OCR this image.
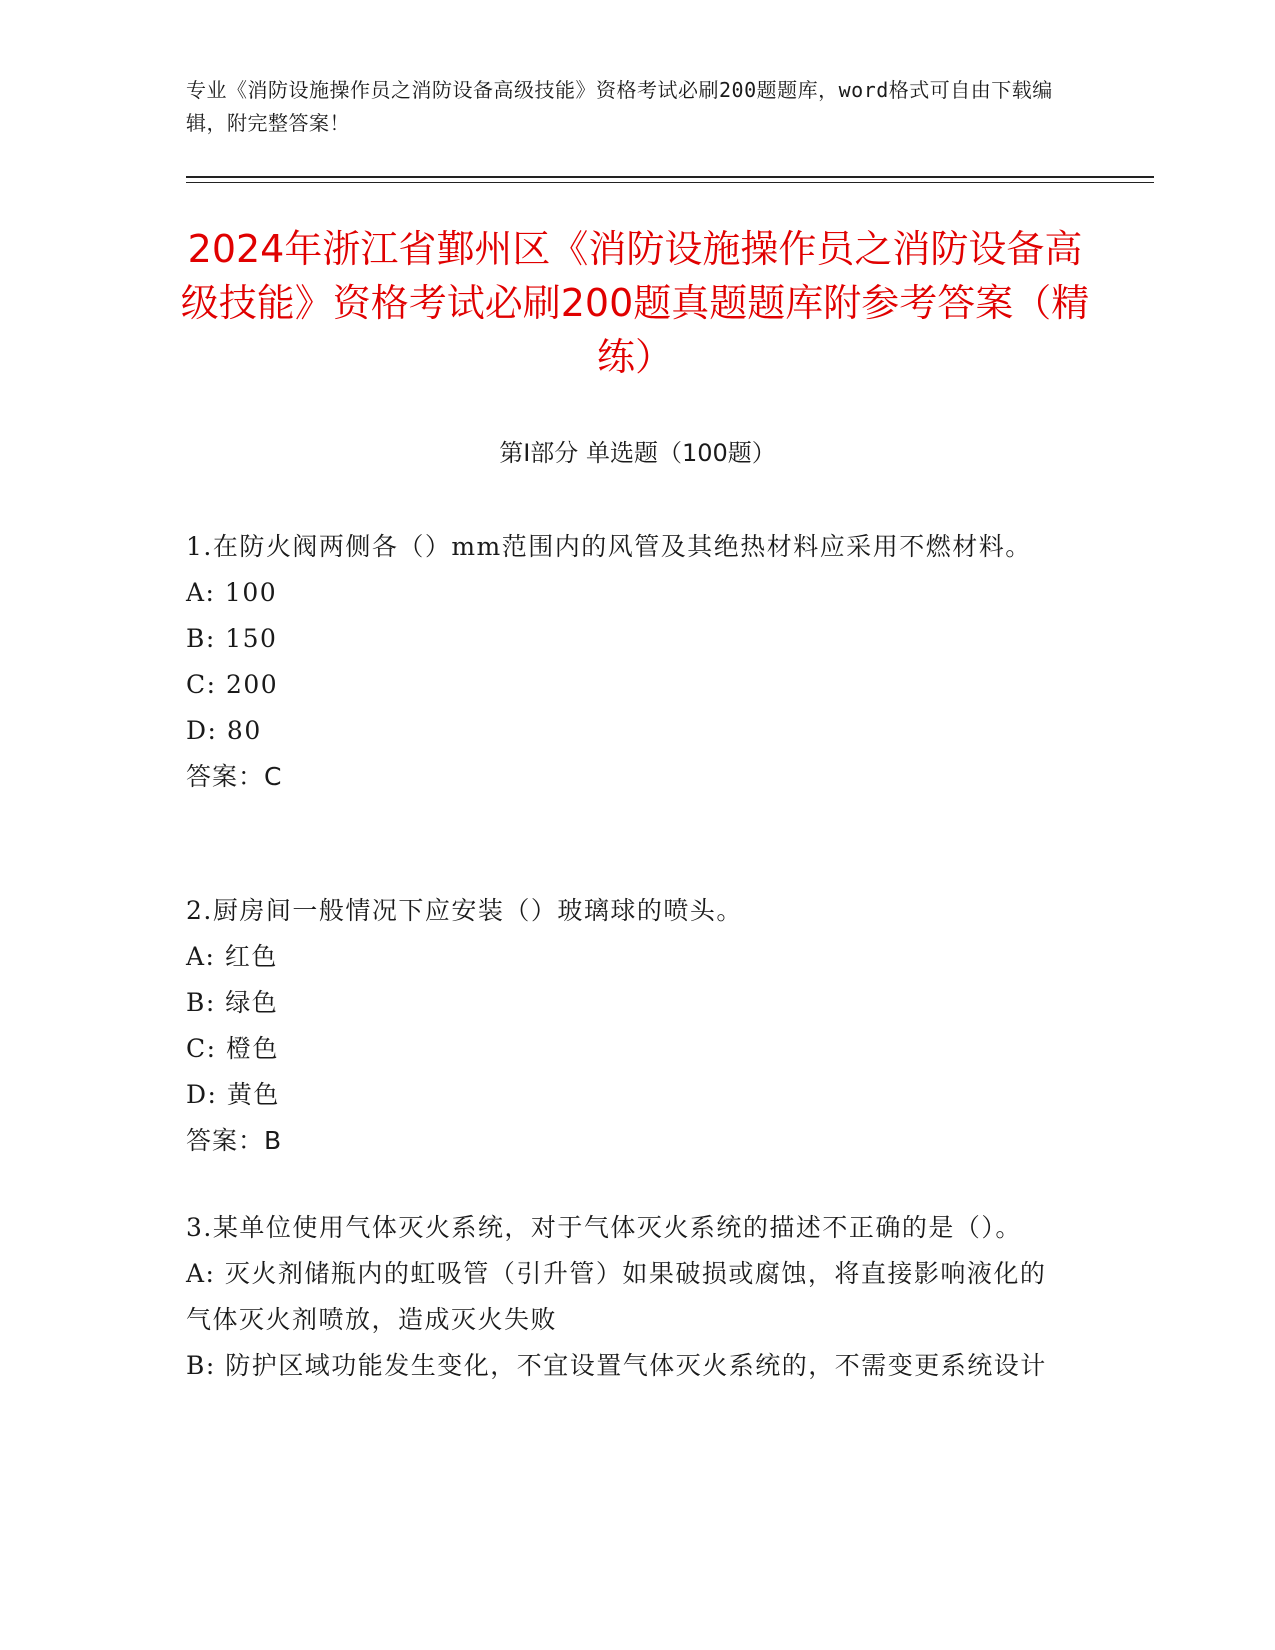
专业《消防设施操作员之消防设备高级技能》资格考试必刷200题题库，word格式可自由下载编辑，附完整答案！
2024年浙江省鄞州区《消防设施操作员之消防设备高级技能》资格考试必刷200题真题题库附参考答案（精练）
第I部分 单选题（100题）
1.在防火阀两侧各（）mm范围内的风管及其绝热材料应采用不燃材料。
A: 100
B: 150
C: 200
D: 80
答案：C
2.厨房间一般情况下应安装（）玻璃球的喷头。
A: 红色
B: 绿色
C: 橙色
D: 黄色
答案：B
3.某单位使用气体灭火系统，对于气体灭火系统的描述不正确的是（）。
A: 灭火剂储瓶内的虹吸管（引升管）如果破损或腐蚀，将直接影响液化的气体灭火剂喷放，造成灭火失败
B: 防护区域功能发生变化，不宜设置气体灭火系统的，不需变更系统设计
